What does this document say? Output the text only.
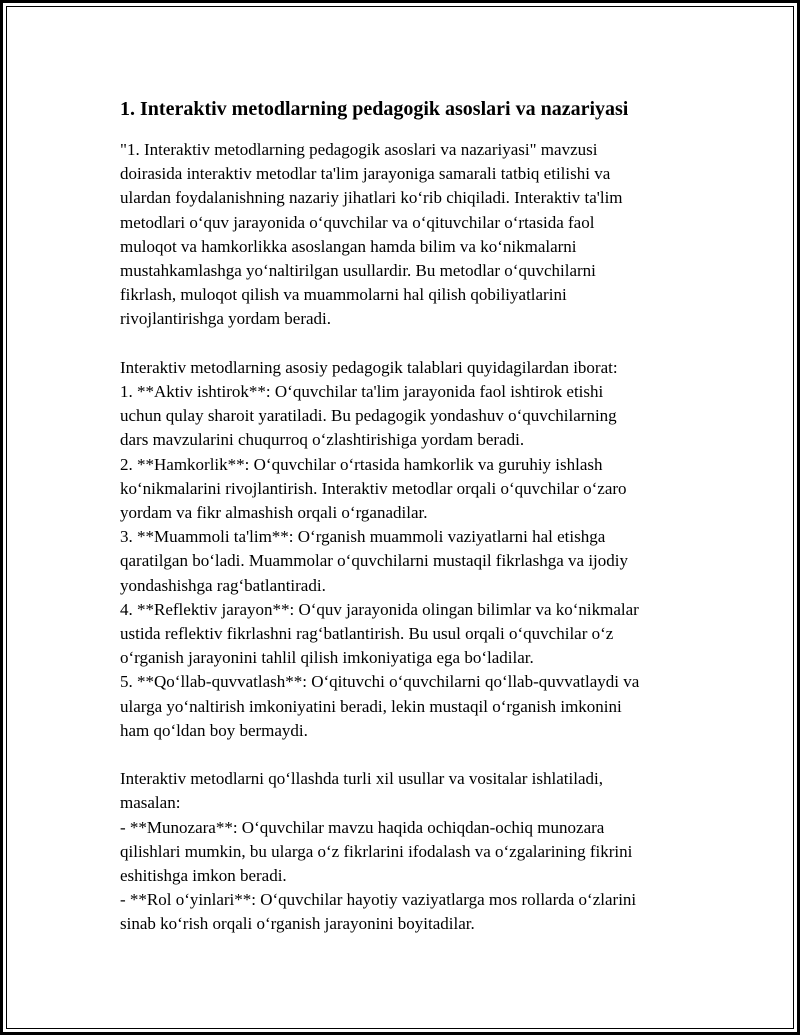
1. Interaktiv metodlarning pedagogik asoslari va nazariyasi
"1. Interaktiv metodlarning pedagogik asoslari va nazariyasi" mavzusi
doirasida interaktiv metodlar ta'lim jarayoniga samarali tatbiq etilishi va
ulardan foydalanishning nazariy jihatlari ko‘rib chiqiladi. Interaktiv ta'lim
metodlari o‘quv jarayonida o‘quvchilar va o‘qituvchilar o‘rtasida faol
muloqot va hamkorlikka asoslangan hamda bilim va ko‘nikmalarni
mustahkamlashga yo‘naltirilgan usullardir. Bu metodlar o‘quvchilarni
fikrlash, muloqot qilish va muammolarni hal qilish qobiliyatlarini
rivojlantirishga yordam beradi.
Interaktiv metodlarning asosiy pedagogik talablari quyidagilardan iborat:
1. **Aktiv ishtirok**: O‘quvchilar ta'lim jarayonida faol ishtirok etishi
uchun qulay sharoit yaratiladi. Bu pedagogik yondashuv o‘quvchilarning
dars mavzularini chuqurroq o‘zlashtirishiga yordam beradi.
2. **Hamkorlik**: O‘quvchilar o‘rtasida hamkorlik va guruhiy ishlash
ko‘nikmalarini rivojlantirish. Interaktiv metodlar orqali o‘quvchilar o‘zaro
yordam va fikr almashish orqali o‘rganadilar.
3. **Muammoli ta'lim**: O‘rganish muammoli vaziyatlarni hal etishga
qaratilgan bo‘ladi. Muammolar o‘quvchilarni mustaqil fikrlashga va ijodiy
yondashishga rag‘batlantiradi.
4. **Reflektiv jarayon**: O‘quv jarayonida olingan bilimlar va ko‘nikmalar
ustida reflektiv fikrlashni rag‘batlantirish. Bu usul orqali o‘quvchilar o‘z
o‘rganish jarayonini tahlil qilish imkoniyatiga ega bo‘ladilar.
5. **Qo‘llab-quvvatlash**: O‘qituvchi o‘quvchilarni qo‘llab-quvvatlaydi va
ularga yo‘naltirish imkoniyatini beradi, lekin mustaqil o‘rganish imkonini
ham qo‘ldan boy bermaydi.
Interaktiv metodlarni qo‘llashda turli xil usullar va vositalar ishlatiladi,
masalan:
- **Munozara**: O‘quvchilar mavzu haqida ochiqdan-ochiq munozara
qilishlari mumkin, bu ularga o‘z fikrlarini ifodalash va o‘zgalarining fikrini
eshitishga imkon beradi.
- **Rol o‘yinlari**: O‘quvchilar hayotiy vaziyatlarga mos rollarda o‘zlarini
sinab ko‘rish orqali o‘rganish jarayonini boyitadilar.
